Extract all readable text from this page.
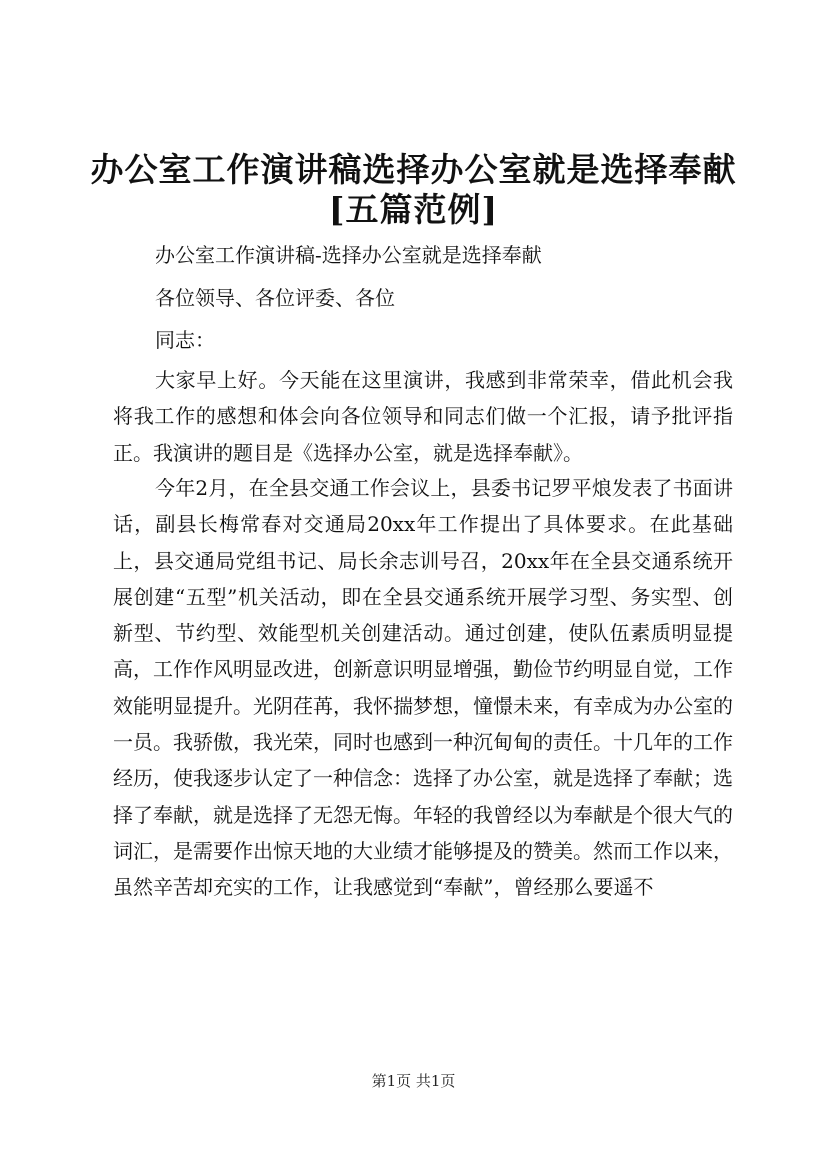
办公室工作演讲稿选择办公室就是选择奉献
[五篇范例]

办公室工作演讲稿-选择办公室就是选择奉献

各位领导、各位评委、各位

同志：

大家早上好。今天能在这里演讲，我感到非常荣幸，借此机会我将我工作的感想和体会向各位领导和同志们做一个汇报，请予批评指正。我演讲的题目是《选择办公室，就是选择奉献》。

今年2月，在全县交通工作会议上，县委书记罗平烺发表了书面讲话，副县长梅常春对交通局20xx年工作提出了具体要求。在此基础上，县交通局党组书记、局长余志训号召，20xx年在全县交通系统开展创建“五型”机关活动，即在全县交通系统开展学习型、务实型、创新型、节约型、效能型机关创建活动。通过创建，使队伍素质明显提高，工作作风明显改进，创新意识明显增强，勤俭节约明显自觉，工作效能明显提升。光阴荏苒，我怀揣梦想，憧憬未来，有幸成为办公室的一员。我骄傲，我光荣，同时也感到一种沉甸甸的责任。十几年的工作经历，使我逐步认定了一种信念：选择了办公室，就是选择了奉献；选择了奉献，就是选择了无怨无悔。年轻的我曾经以为奉献是个很大气的词汇，是需要作出惊天地的大业绩才能够提及的赞美。然而工作以来，虽然辛苦却充实的工作，让我感觉到“奉献”，曾经那么要遥不

第1页 共1页
